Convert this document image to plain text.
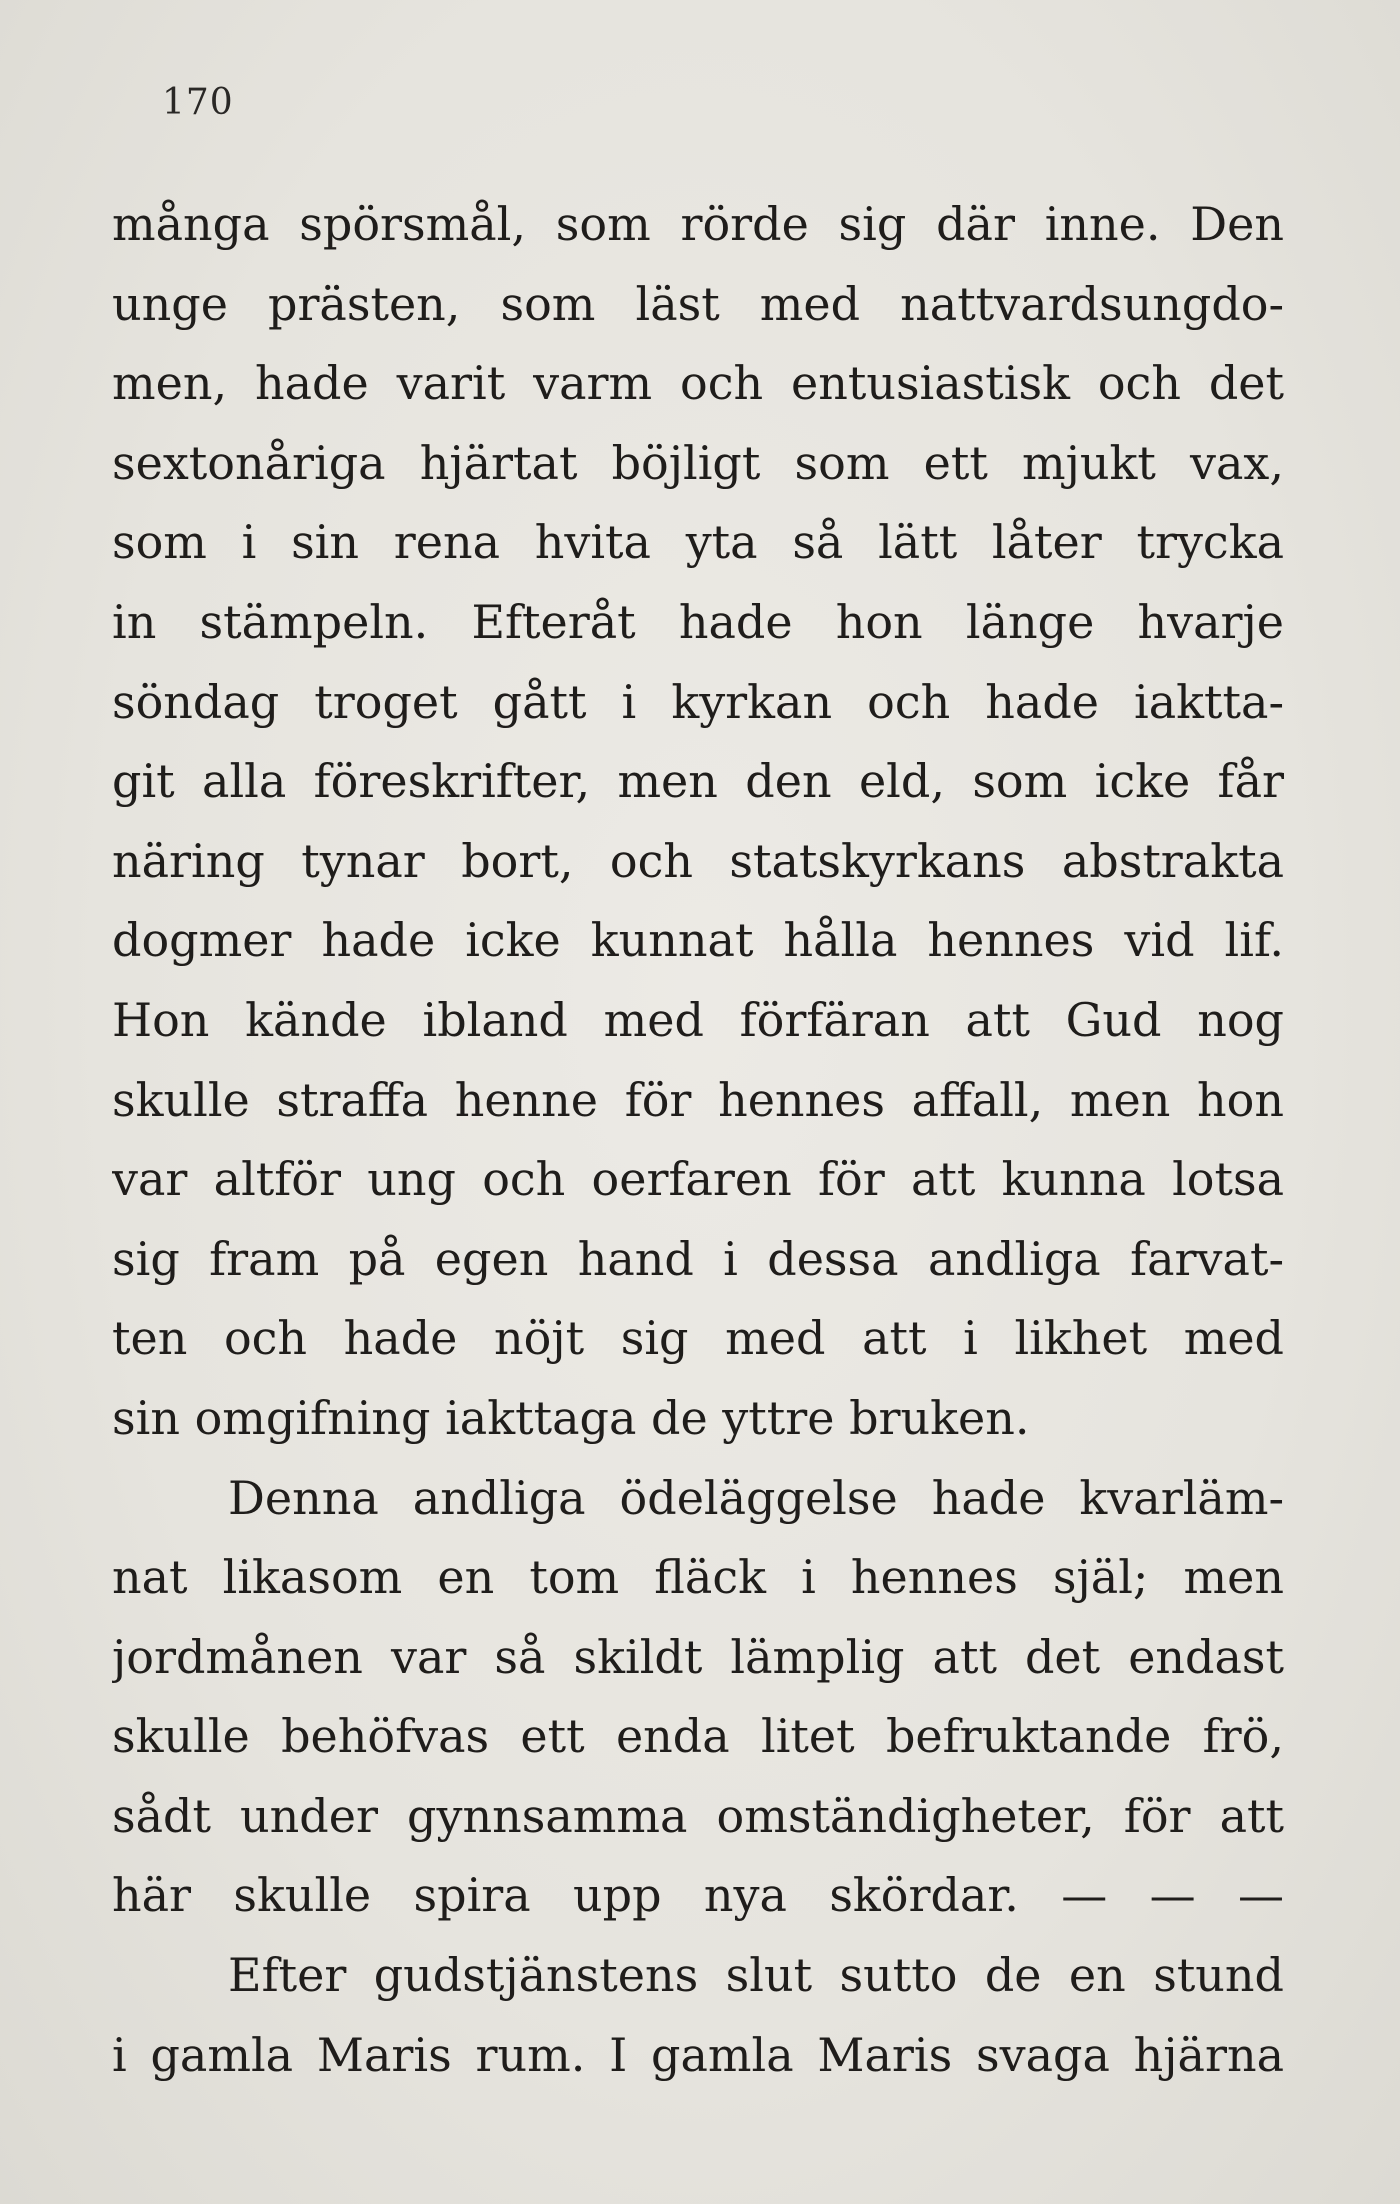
170
många spörsmål, som rörde sig där inne. Den
unge prästen, som läst med nattvardsungdo-
men, hade varit varm och entusiastisk och det
sextonåriga hjärtat böjligt som ett mjukt vax,
som i sin rena hvita yta så lätt låter trycka
in stämpeln. Efteråt hade hon länge hvarje
söndag troget gått i kyrkan och hade iaktta-
git alla föreskrifter, men den eld, som icke får
näring tynar bort, och statskyrkans abstrakta
dogmer hade icke kunnat hålla hennes vid lif.
Hon kände ibland med förfäran att Gud nog
skulle straffa henne för hennes affall, men hon
var altför ung och oerfaren för att kunna lotsa
sig fram på egen hand i dessa andliga farvat-
ten och hade nöjt sig med att i likhet med
sin omgifning iakttaga de yttre bruken.
Denna andliga ödeläggelse hade kvarläm-
nat likasom en tom fläck i hennes själ; men
jordmånen var så skildt lämplig att det endast
skulle behöfvas ett enda litet befruktande frö,
sådt under gynnsamma omständigheter, för att
här skulle spira upp nya skördar. — — —
Efter gudstjänstens slut sutto de en stund
i gamla Maris rum. I gamla Maris svaga hjärna
